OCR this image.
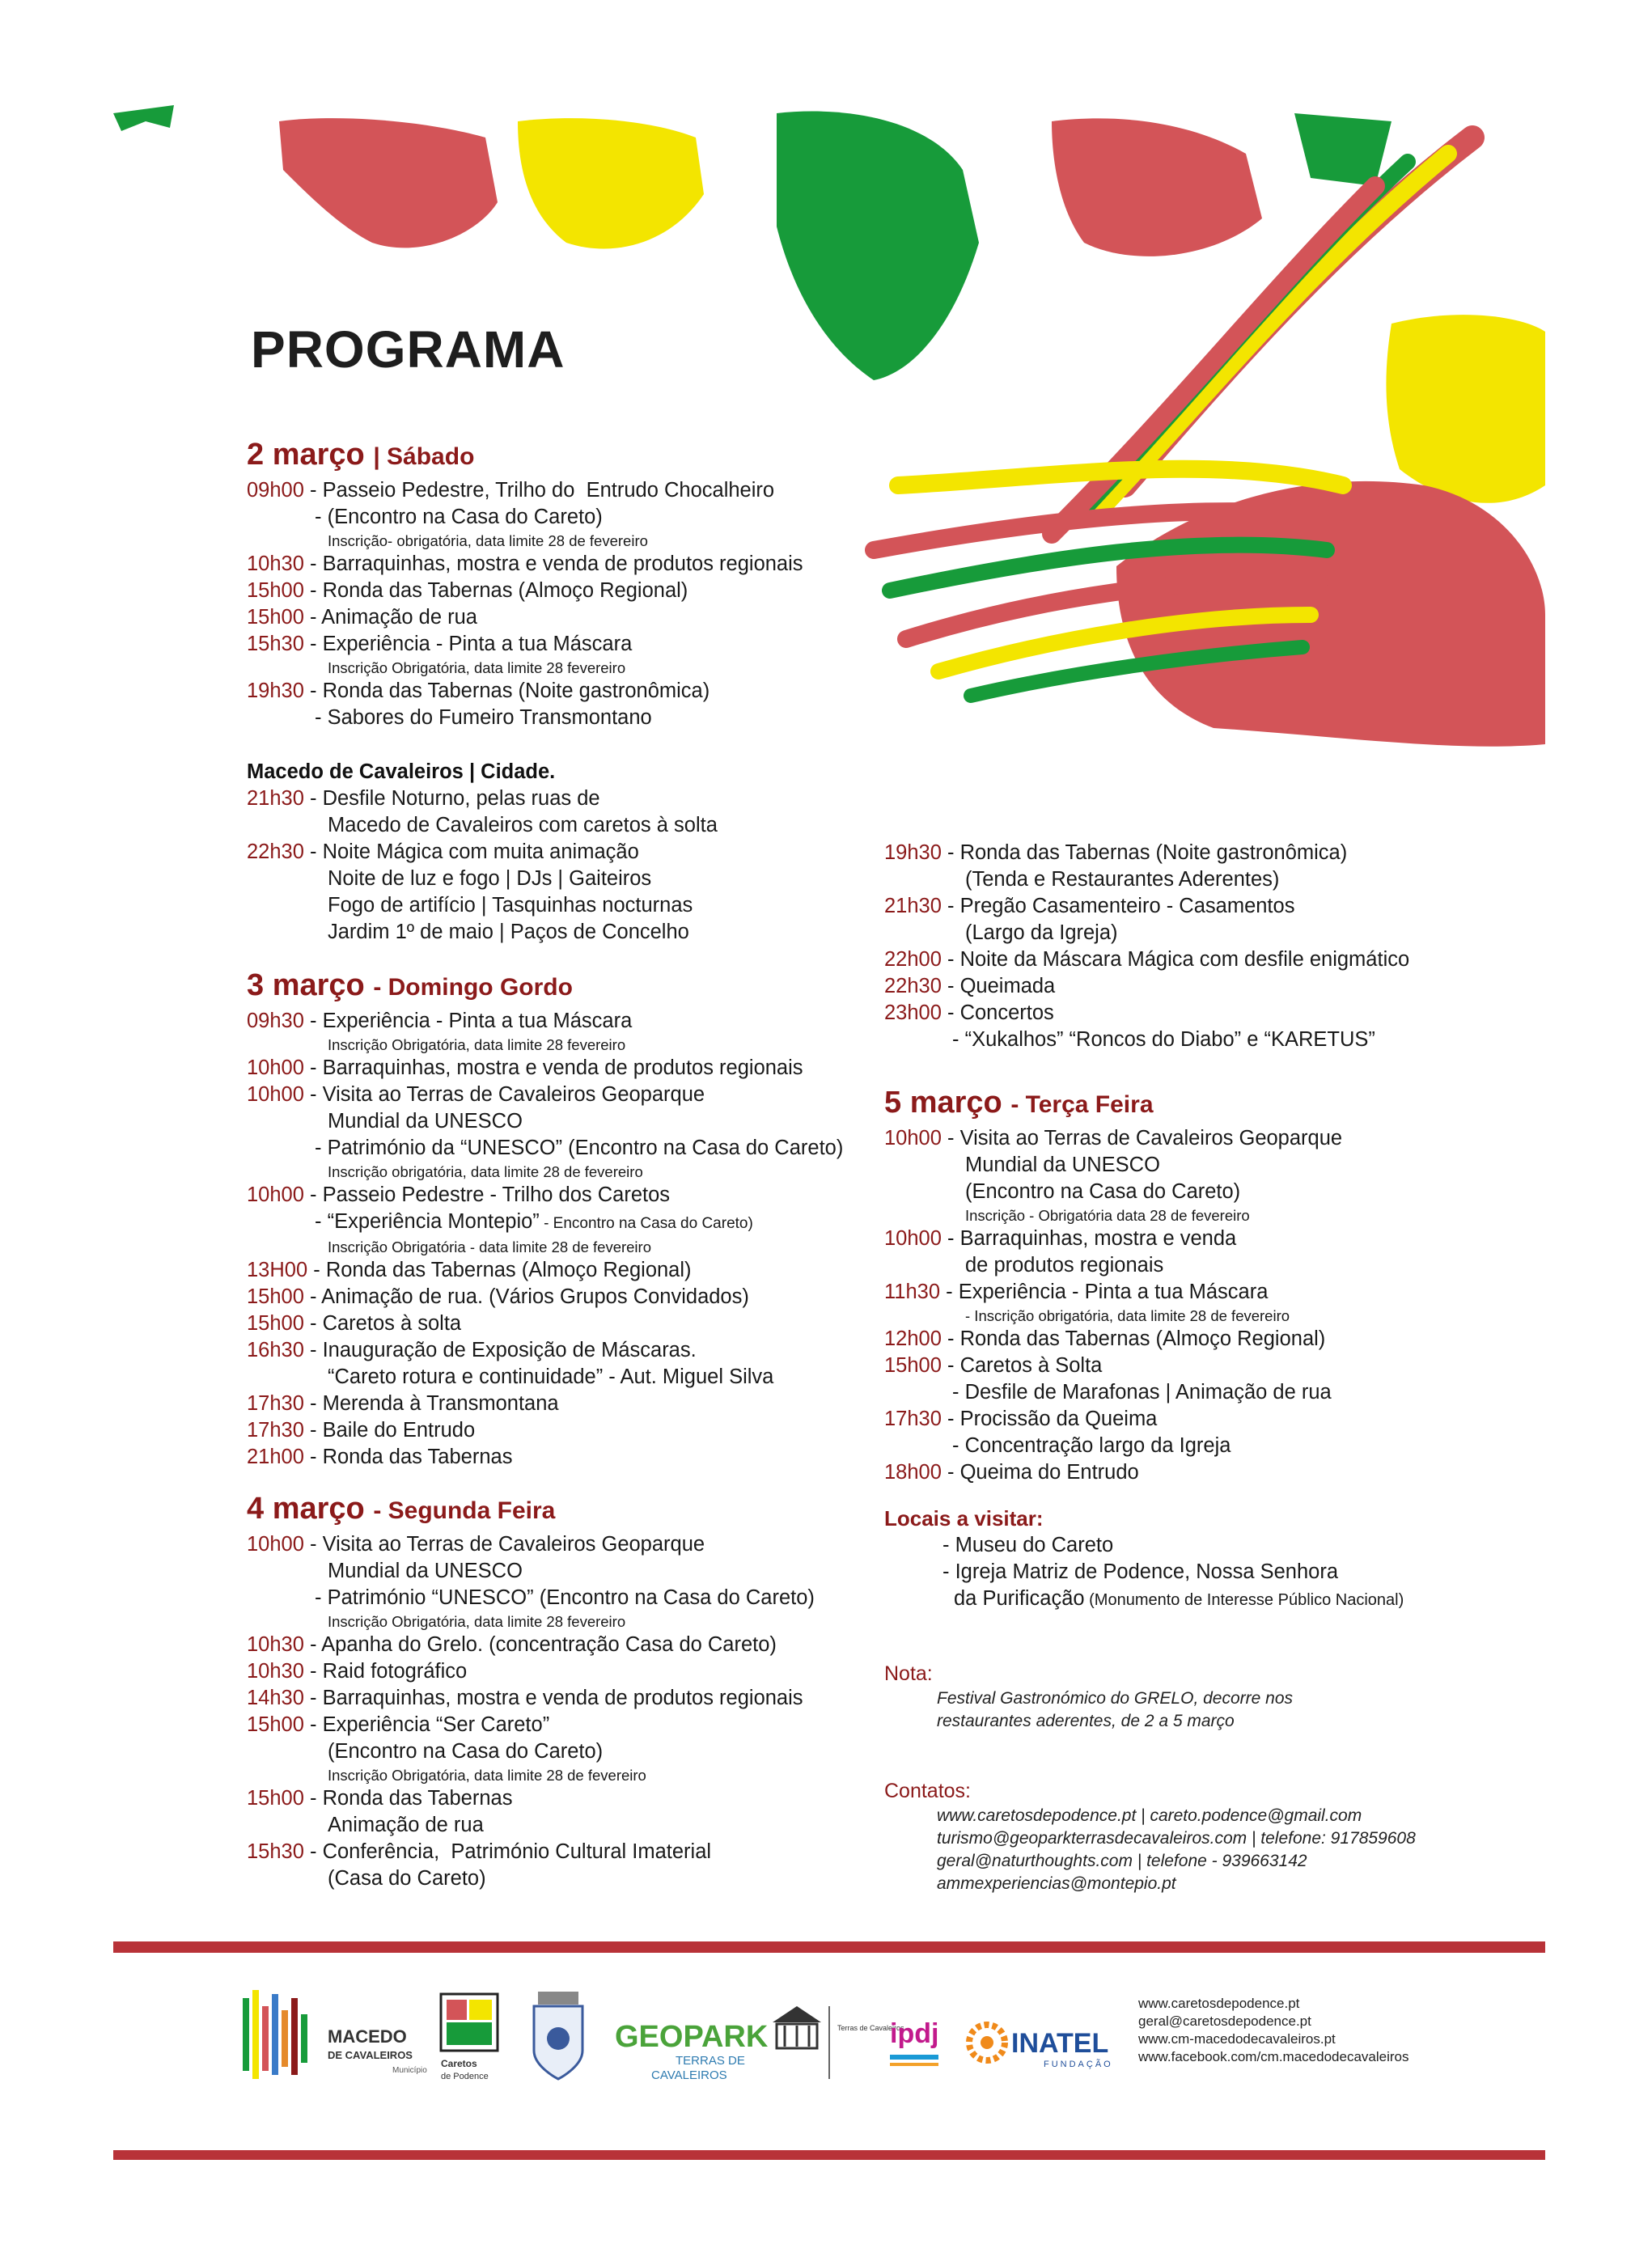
PROGRAMA
2 março | Sábado
09h00 - Passeio Pedestre, Trilho do  Entrudo Chocalheiro
- (Encontro na Casa do Careto)
Inscrição- obrigatória, data limite 28 de fevereiro
10h30 - Barraquinhas, mostra e venda de produtos regionais
15h00 - Ronda das Tabernas (Almoço Regional)
15h00 - Animação de rua
15h30 - Experiência - Pinta a tua Máscara
Inscrição Obrigatória, data limite 28 fevereiro
19h30 - Ronda das Tabernas (Noite gastronômica)
- Sabores do Fumeiro Transmontano
Macedo de Cavaleiros | Cidade.
21h30 - Desfile Noturno, pelas ruas de
Macedo de Cavaleiros com caretos à solta
22h30 - Noite Mágica com muita animação
Noite de luz e fogo | DJs | Gaiteiros
Fogo de artifício | Tasquinhas nocturnas
Jardim 1º de maio | Paços de Concelho
3 março - Domingo Gordo
09h30 - Experiência - Pinta a tua Máscara
Inscrição Obrigatória, data limite 28 fevereiro
10h00 - Barraquinhas, mostra e venda de produtos regionais
10h00 - Visita ao Terras de Cavaleiros Geoparque
Mundial da UNESCO
- Património da “UNESCO” (Encontro na Casa do Careto)
Inscrição obrigatória, data limite 28 de fevereiro
10h00 - Passeio Pedestre - Trilho dos Caretos
- “Experiência Montepio” - Encontro na Casa do Careto)
Inscrição Obrigatória - data limite 28 de fevereiro
13H00 - Ronda das Tabernas (Almoço Regional)
15h00 - Animação de rua. (Vários Grupos Convidados)
15h00 - Caretos à solta
16h30 - Inauguração de Exposição de Máscaras.
“Careto rotura e continuidade” - Aut. Miguel Silva
17h30 - Merenda à Transmontana
17h30 - Baile do Entrudo
21h00 - Ronda das Tabernas
4 março - Segunda Feira
10h00 - Visita ao Terras de Cavaleiros Geoparque
Mundial da UNESCO
- Património “UNESCO” (Encontro na Casa do Careto)
Inscrição Obrigatória, data limite 28 fevereiro
10h30 - Apanha do Grelo. (concentração Casa do Careto)
10h30 - Raid fotográfico
14h30 - Barraquinhas, mostra e venda de produtos regionais
15h00 - Experiência “Ser Careto”
(Encontro na Casa do Careto)
Inscrição Obrigatória, data limite 28 de fevereiro
15h00 - Ronda das Tabernas
Animação de rua
15h30 - Conferência,  Património Cultural Imaterial
(Casa do Careto)
19h30 - Ronda das Tabernas (Noite gastronômica)
(Tenda e Restaurantes Aderentes)
21h30 - Pregão Casamenteiro - Casamentos
(Largo da Igreja)
22h00 - Noite da Máscara Mágica com desfile enigmático
22h30 - Queimada
23h00 - Concertos
- “Xukalhos” “Roncos do Diabo” e “KARETUS”
5 março - Terça Feira
10h00 - Visita ao Terras de Cavaleiros Geoparque
Mundial da UNESCO
(Encontro na Casa do Careto)
Inscrição - Obrigatória data 28 de fevereiro
10h00 - Barraquinhas, mostra e venda
de produtos regionais
11h30 - Experiência - Pinta a tua Máscara
- Inscrição obrigatória, data limite 28 de fevereiro
12h00 - Ronda das Tabernas (Almoço Regional)
15h00 - Caretos à Solta
- Desfile de Marafonas | Animação de rua
17h30 - Procissão da Queima
- Concentração largo da Igreja
18h00 - Queima do Entrudo
Locais a visitar:
- Museu do Careto
- Igreja Matriz de Podence, Nossa Senhora
da Purificação (Monumento de Interesse Público Nacional)
Nota:
Festival Gastronómico do GRELO, decorre nos
restaurantes aderentes, de 2 a 5 março
Contatos:
www.caretosdepodence.pt | careto.podence@gmail.com
turismo@geoparkterrasdecavaleiros.com | telefone: 917859608
geral@naturthoughts.com | telefone - 939663142
ammexperiencias@montepio.pt
MACEDO
DE CAVALEIROS
Município
Caretos
de Podence
GEOPARK
TERRAS DE
CAVALEIROS
Terras de Cavaleiros
ipdj	INATEL
FUNDAÇÃO
www.caretosdepodence.pt
geral@caretosdepodence.pt
www.cm-macedodecavaleiros.pt
www.facebook.com/cm.macedodecavaleiros
